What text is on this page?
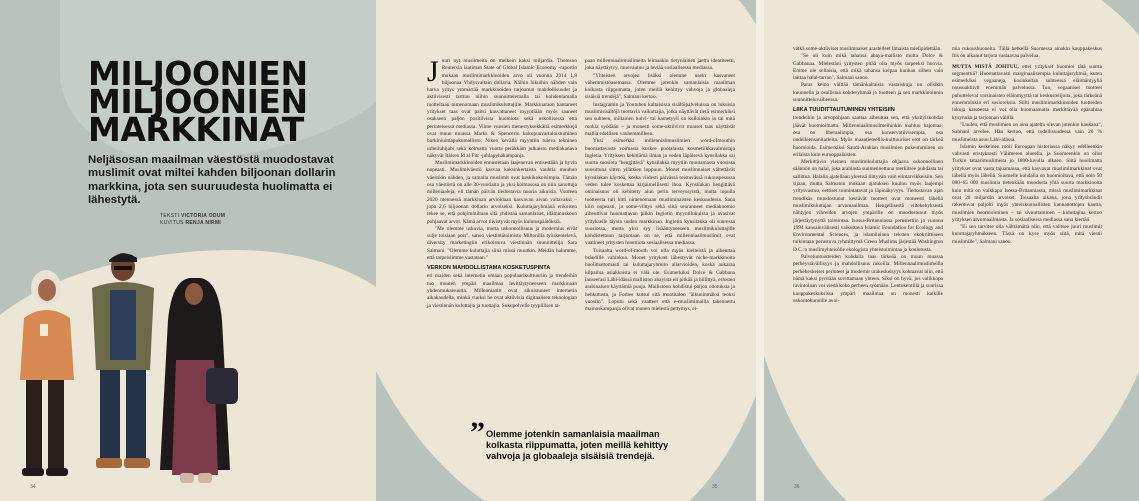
MILJOONIEN
MILJOONIEN
MARKKINAT

Neljäsosan maailman väestöstä muodostavat muslimit ovat miltei kahden biljoonan dollarin markkina, jota sen suuruudesta huolimatta ei lähestytä.

TEKSTI VICTORIA ODUM
KUVITUS RENJA NIRMI
34	36

Juuri nyt muslimeita on melkein kaksi miljardia. Thomson Reutersin laatiman State of Global Islamic Economy -raportin mukaan muslimimarkkinoiden arvo oli vuonna 2014 1,8 biljoonaa Yhdysvaltain dollaria. Näihin lukuihin nähden vain harva yritys ymmärtää markkinoiden tarjoamat mahdollisuudet ja aktiivisesti tarttuu niihin suunnittelemalla tai kohdentamalla tuotteitaan nimenomaan muslimikuluttajille. Markkinaraon hantaneet yritykset taas ovat paitsi kasvattaneet myyntiään myös saaneet osakseen paljon positiivista huomiota sekä uskollisessa että perinteisessä mediassa. Viime vuosien menestyksekkäitä esimerkkejä ovat muun muassa Marks & Spencerin kokopuuvartaloistuminen burkiniuimapukumallisto, Niken kevällä myyntiin tuleva tekninen urheiluhijabi sekä kolmatta vuotta peräkkäin julkaistu mediakanava näkyvät Itäisen Id al Fitr -juhlapyhäkampanja.

Muslimimarkkinoiden ennustetaan laajenevan entisestään ja hyvin nopeasti. Muslimiväestö kasvaa kaksinkertaista vauhtia muuhun väestöön nähden, ja samalla muslimit ovat keskikokoisimpia. Tämän osa väestöstä on alle 30-vuotiaita ja yksi kolmasosa on niin sanottuja milleniaaleja, eli tämän päivän tiedostavia nuoria aikuisia. Vuoteen 2020 mennessä markkinan arvioidaan kasvavan aivan valtavaksi – jopa 2,6 biljoonan dollarin arvoiseksi. Kuluttajaryhmänä erikoisen tekee se, että pohjimmiltaan sitä yhdistää samanlaiset, idäminuskoon pohjaavat arvot. Nämä arvot tiivistyvät myös kulutuspäätöksiä.

"Me olemme uskovia, mutta uskonnollisuus ja modernius eivät sulje toisiaan pois", sanoo viestintätoimisto Miltonilla työskentelevä, diversity marketingiin erikoistuva viestinnän suunnittelija Sara Salmani. "Olemme kuluttajia siinä missä muutkin. Meidän halumme, että tarpeisiimme vastataan."

VERKON MAHDOLLISTAMA KOSKETUSPINTA

eri maiden sekä internetin omaan populaarikulttuuriin ja trendeihin tuo muuten ympäri maailmaa levittäytyneeseen markkinaan yhdenmukaisuutta. Millenniaalit ovat aikuistuneet internetin aikakaudella, minkä vuoksi he ovat aktiivisia digitaalisen teknologian ja viestinnän kuluttajia ja tuottajia. Sukupolvelle tyypillisen ta-

paan millenniaalimuslimeita leimaakin tietynlainen jaettu identiteetti, joka näyttäytyy, muovautuu ja leviää sosiaalisessa mediassa.

"Yhteisten arvojen lisäksi olemme usein kasvaneet vähemmistöasemassa. Olemme jotenkin samanlaisia maailman kolkasta riippumatta, joten meillä kehittyy vahvoja ja globaaleja sisäisiä trendejä", Salmani kertoo.

Instagramin ja Youtuben kaltaisissa sisältöpalveluissa on lukuisia muslimisisältöjä tuottavia vaikuttajia, jotka näyttävät tietä esimerkiksi sen suhteen, millainen huivi- tai hametyyli on kulloinkin in tai mitä ruokia syödään – ja monesti some-aktiivivit muuset taas näyttävät mallia edellisen vanhemmilleen.

Yksi esimerkki millennialimuslimien word-ofmouthin huomattavasta voimasta koskee puolalaista kosmetiikkavalmistaja Ingletia. Yrityksen kehittämä ilman ja veden läpäisevä kynsilakka sai suurta suosiota "hengittävä" kynsilakka myytiin muutamassa vuosissa suosittuna sitten yllättäen loppuun. Monet muslimnaiset vältettävät kynsilakan käyttöä, koska viidesti päivässä toistuvässä rukouspesussa veden tulee koskettaa kirjaimellisesti ihoa. Kynsilakan hengittävä ominaisuus oli kehitetty alun perin terveyssyistä, mutta lopulla tuotteesta tuli hitti nimenomaan musliminaisten keskuudessa. Sana kiiri nopeasti, ja some-vlittys sekä siitä seuranneet mediahuomio aiheuttivat huomattavan piikin Inglotin myyntilukuissa ja avasivat yritykselle täysin uuden markkinan. Inglotin kynsilakka oli suuressa suosiossa, mutta yksi syy lisääntyneeseen muslimikuluttajille kohdistettuun tarjontaan on se, että millenniaalimuslimit ovat vaatineet yritysten huomiota sosiaalisessa mediassa.

Toisaalta word-of-mouth voi olla myös kielteistä ja aiheuttaa brändille vahinkoa. Monet yritykset lähestyvät niche-markkinoita huolimattomasti tai kuluttajaryhmiin allarvioiden, koska ankaraa kilpailua asiakkaista ei välä ole. Esimerkiksi Dolce & Gabbana lanseerasi Lähi-idässä malliston abayista eli pitkää ja hillittyä, erlosten arabinaisen käyttämiä puuja. Mallistoon kohdistui paljon odotuksia ja hehkutusta, ja Forbes kutsui sitä muotitalon "älkuninmäksi teoksi vuosiin". Loputu sekä vaatteet että e-muslimimailla takennettu mainoskampanja olivat monen mielestä pettymys, ei-

vätkä some-aktiiviset muslimnaiset arastelleet ilmaista mielipidettään.

"Se oli kuin mikä tahansa abaya-mallisto mutta Dolce & Gabbanaa. Mielestäni yritysten pitää olla myös tarpeeksi huovia. Emme ole sellaisia, että mikä tahansa kelpaa kunhan siihen vain laittaa halal-tarran", Salmani sanoo.

Paras keino välttää tämänkaltaisia vastaiskuja on olisikin kuunnella ja osallistaa kohderyhmää jo tuotteen ja sen markkinoinnin suunnitteluvaiheessa.

LIIKA TUUDITTAUTUMINEN YHTEISIIN

trendeihin ja arvopohjaan saattaa aiheuttaa sen, että yksityiskohdat jäävät huomioimatta. Millenniaalimuslimeihinkin mahtuu hajontaa: osa on liberaalimpia, osa konservatiivisempia, osa uudelleensanitarleita. Myös maantieteellis-kulttuuriset erot on tärkeä huomioida. Esimerkiksi Saudi-Arabian muslimien pukeutuminen on erilaista kuin eurooppalaisten.

Merkittävin yleinen muslimikuluttajia ohjaava uskonnollinen säännön on halal, joka arabiasta suomennettuna merkitsee puhdasta tai sallittua. Halalin ajatellaan yleensä liittyvän vain elintarvikkeisiin. Sen sijaan, mutta Salmanin mukaan ajatuksen kuuluu myös laajempi yritysvastuu, eettiset toimintatavat ja läpinäkyvyys. Tiedostavan ajan trendikäs muodostunut kestävät tuotteet ovat moneesti lähellä muslimikuluttajan arvomaailmaa. Hengellisestä viitekehyksestä nähtyjen vihreiden arvojen ympärille on muodostunut myös järjestäytynyttä toimintaa. Isossa-Britanniassa perustettiin jo vuonna 1994 kansainvälisesti vaikuttava Islamic Foundation for Ecology and Environmental Sciences, ja islamilainen teksten ekokriittiseen tulkintaan perustuva ryhmittymä Green Muslims järjestää Washington D.C.:n muslimyhteisölle ekologista yhteistoimintaa ja koulutusta.

Palveluntuotteiden kohdalla taas tärkeää on muun muassa perheystävällisyys ja mahdollisuus rukoilla. Millennaalimuslimeilla perhekeskeiset perinteet ja modernit urakeskeisyys kohtaavat niin, että nämä kaksi pyritään sovittamaan yhteen. Siksi on hyvä, jos valikkopa ravintolaan voi viedä koko perheen syömään. Lentokentillä ja suurissa kauppakeskuksissa ympäri maailmaa on monesti kaikille uskontokunnille avoi-

mia rukoushuoneita. Tällä hetkellä Suomessa ainakin kauppakeskus Itis on alkanut tarjota vastaavaa palvelua.

MUTTA MISTÄ JOHTUU, ettei yritykset huomioi tätä suurta segmenttiä? Huomattavasti marginaalisempia kuluttajaryhmiä, kuten esimerkiksi vegaaneja, kosinkeltan suhteessa eläimäntyyliä nousuaktiivit enemmän palvelussa. Tuo, vegaaniset tuotteet puhuttelevat varsinaisten eläinmyyttä tai keskustelijoita, joka tärkeänä ennemminkin eri sosioreksia. Sillti muslimimarkkinoiden tuotteiden lukuja katsoessa ei voi olla huomaamatta merkittävää epäsuhtaa kysynnän ja tarjonnan välillä.

"Luulen, että muslimien on aina ajateltu olevan jotenkin kaukana", Salmani arvelee. Hän kertoo, että todellisuudessa vain 20 % muslimeista asuu Lähi-idässä.

Islamin keskeinen rooli Euroopan historiassa näkyy edelleenkin vahvasti eristyksesti Välimeren alueella, ja Suomeenkin on ollut Turkin tataarimuslimeita jo 1800-luvulla alkaen. Siitä huolimatta yritykset ovat vasta tajuamassa, että kasvavat muslimimarkkinat ovat lähellä myös lähellä. Suomelle kohdalla on huomioitava, että noin 50 000–65 000 muslimia tietenkään muodosta yhtä suurta markkinoita kuin mitä on vaikkapa Isossa-Britanniassa, missä muslimimarkkinat ovat 20 miljardin arvoiset. Toisaalta aikana, jona yritysbrändit rakentuvat paljolti myös yhteiskunnallisten kannanottojen kautta, muslimien huomioiminen – tai sivuuttaminen – kuluttajina kertoo yrityksen arvomaailmasta. Ja sosiaalisessa mediassa sana kiertää.

"Ei sen tarvitse olla välttämättä niin, että valitsee juuri muslimit kuluttajaryhmäkseen. Tässä on kyse myös siitä, mitä viestii muslimille", Salmani sanoo.

” Olemme jotenkin samanlaisia maailman kolkasta riippumatta, joten meillä kehittyy vahvoja ja globaaleja sisäisiä trendejä.
35
